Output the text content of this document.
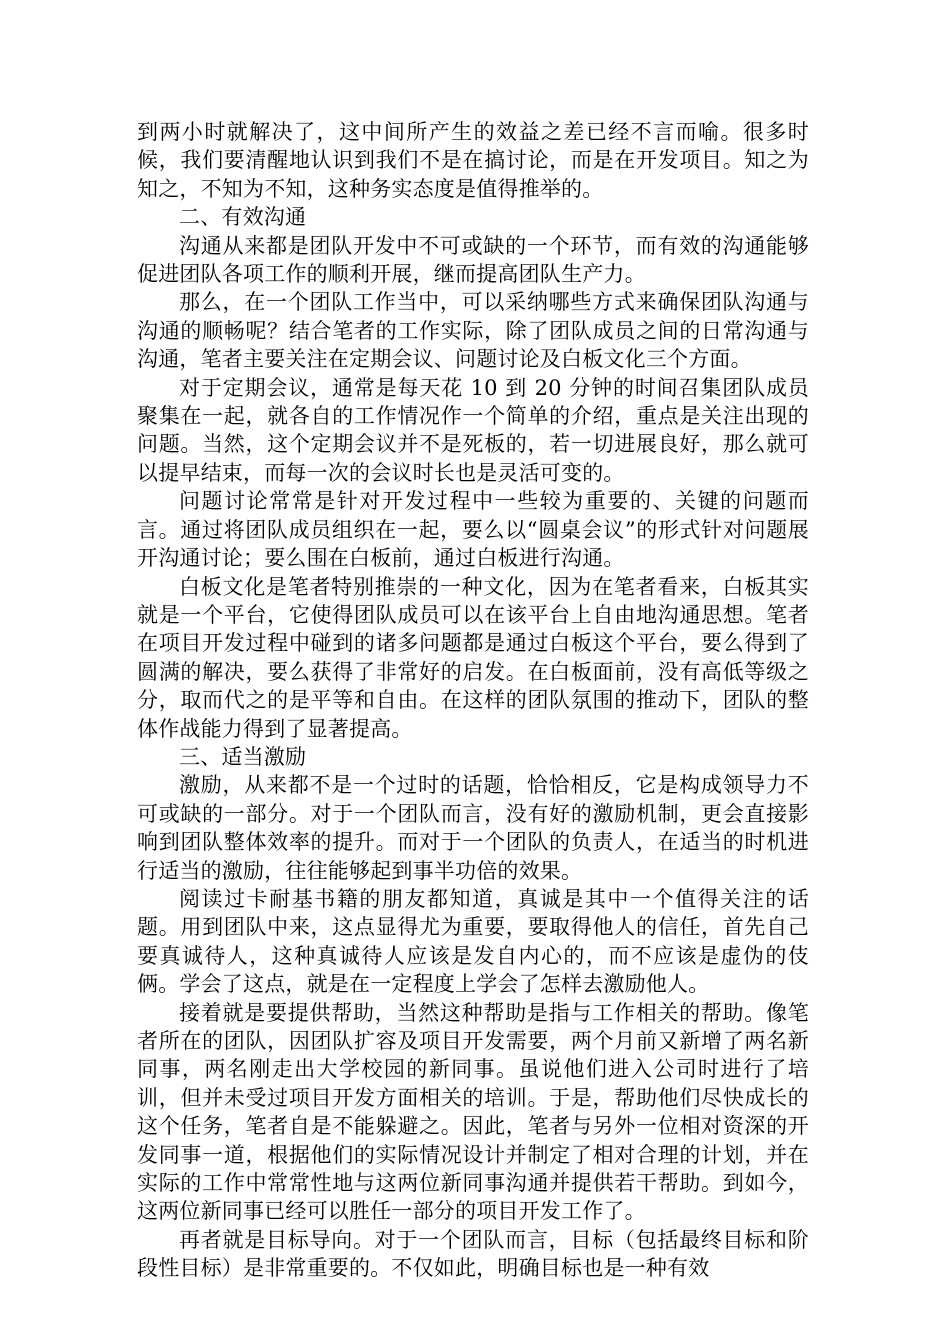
到两小时就解决了，这中间所产生的效益之差已经不言而喻。很多时候，我们要清醒地认识到我们不是在搞讨论，而是在开发项目。知之为知之，不知为不知，这种务实态度是值得推举的。

二、有效沟通

沟通从来都是团队开发中不可或缺的一个环节，而有效的沟通能够促进团队各项工作的顺利开展，继而提高团队生产力。

那么，在一个团队工作当中，可以采纳哪些方式来确保团队沟通与沟通的顺畅呢？结合笔者的工作实际，除了团队成员之间的日常沟通与沟通，笔者主要关注在定期会议、问题讨论及白板文化三个方面。

对于定期会议，通常是每天花 10 到 20 分钟的时间召集团队成员聚集在一起，就各自的工作情况作一个简单的介绍，重点是关注出现的问题。当然，这个定期会议并不是死板的，若一切进展良好，那么就可以提早结束，而每一次的会议时长也是灵活可变的。

问题讨论常常是针对开发过程中一些较为重要的、关键的问题而言。通过将团队成员组织在一起，要么以“圆桌会议”的形式针对问题展开沟通讨论；要么围在白板前，通过白板进行沟通。

白板文化是笔者特别推崇的一种文化，因为在笔者看来，白板其实就是一个平台，它使得团队成员可以在该平台上自由地沟通思想。笔者在项目开发过程中碰到的诸多问题都是通过白板这个平台，要么得到了圆满的解决，要么获得了非常好的启发。在白板面前，没有高低等级之分，取而代之的是平等和自由。在这样的团队氛围的推动下，团队的整体作战能力得到了显著提高。

三、适当激励

激励，从来都不是一个过时的话题，恰恰相反，它是构成领导力不可或缺的一部分。对于一个团队而言，没有好的激励机制，更会直接影响到团队整体效率的提升。而对于一个团队的负责人，在适当的时机进行适当的激励，往往能够起到事半功倍的效果。

阅读过卡耐基书籍的朋友都知道，真诚是其中一个值得关注的话题。用到团队中来，这点显得尤为重要，要取得他人的信任，首先自己要真诚待人，这种真诚待人应该是发自内心的，而不应该是虚伪的伎俩。学会了这点，就是在一定程度上学会了怎样去激励他人。

接着就是要提供帮助，当然这种帮助是指与工作相关的帮助。像笔者所在的团队，因团队扩容及项目开发需要，两个月前又新增了两名新同事，两名刚走出大学校园的新同事。虽说他们进入公司时进行了培训，但并未受过项目开发方面相关的培训。于是，帮助他们尽快成长的这个任务，笔者自是不能躲避之。因此，笔者与另外一位相对资深的开发同事一道，根据他们的实际情况设计并制定了相对合理的计划，并在实际的工作中常常性地与这两位新同事沟通并提供若干帮助。到如今，这两位新同事已经可以胜任一部分的项目开发工作了。

再者就是目标导向。对于一个团队而言，目标（包括最终目标和阶段性目标）是非常重要的。不仅如此，明确目标也是一种有效
